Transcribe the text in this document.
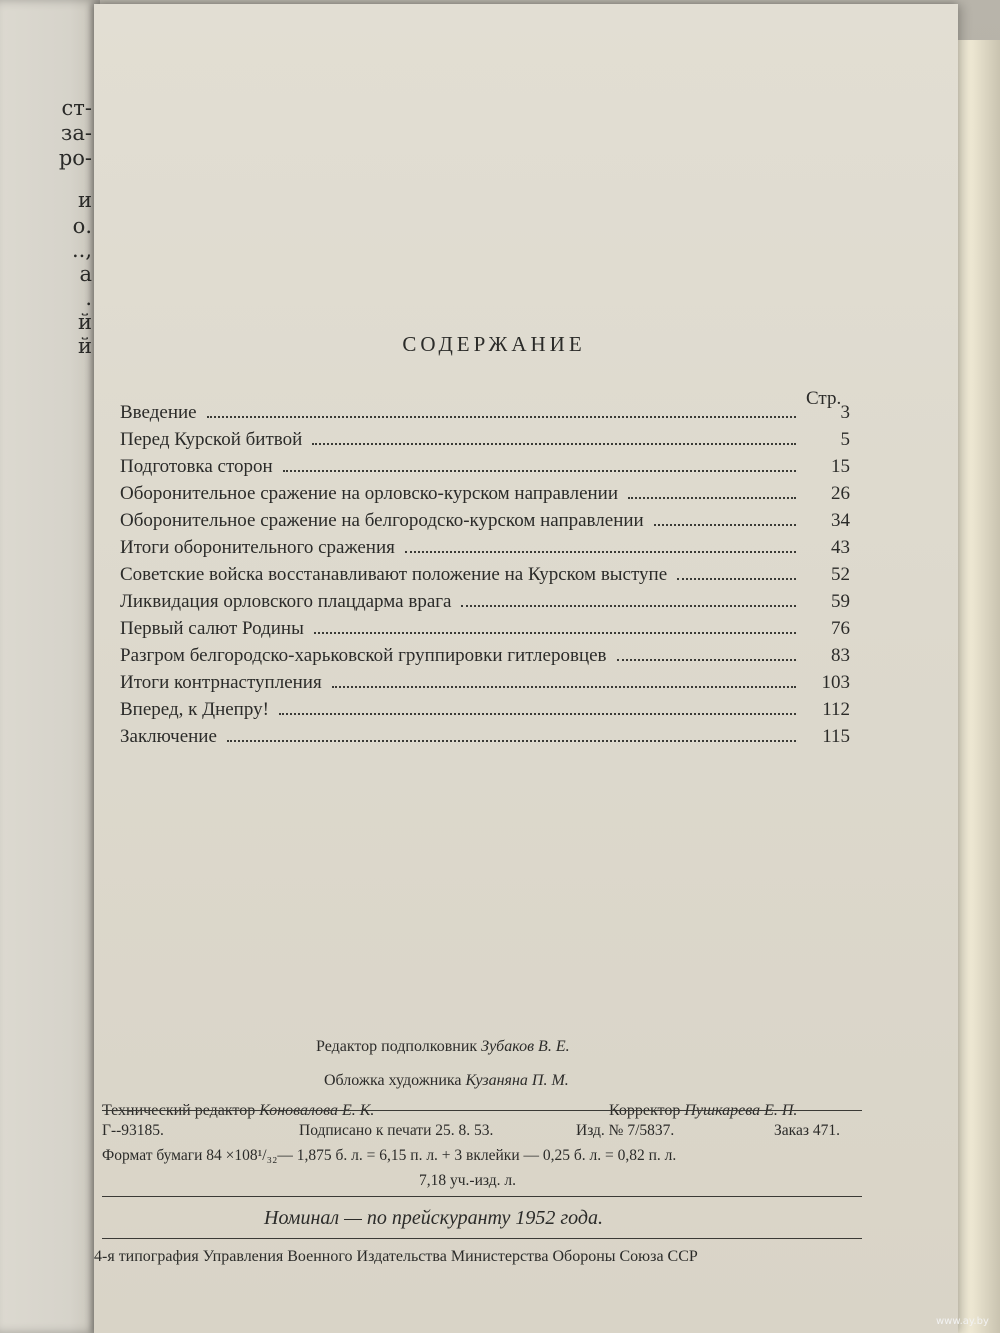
ст-
за-
ро-
и
о.
..,
а
.
й
й	СОДЕРЖАНИЕ
Стр.
Введение	3
Перед Курской битвой	5
Подготовка сторон	15
Оборонительное сражение на орловско-курском направлении	26
Оборонительное сражение на белгородско-курском направлении	34
Итоги оборонительного сражения	43
Советские войска восстанавливают положение на Курском выступе	52
Ликвидация орловского плацдарма врага	59
Первый салют Родины	76
Разгром белгородско-харьковской группировки гитлеровцев	83
Итоги контрнаступления	103
Вперед, к Днепру!	112
Заключение	115
Редактор подполковник Зубаков В. Е.
Обложка художника Кузаняна П. М.
Технический редактор Коновалова Е. К.	Корректор Пушкарева Е. П.
Г--93185.	Подписано к печати 25. 8. 53.	Изд. № 7/5837.	Заказ 471.
Формат бумаги 84 ×108¹/₃₂— 1,875 б. л. = 6,15 п. л. + 3 вклейки — 0,25 б. л. = 0,82 п. л.
7,18 уч.-изд. л.
Номинал — по прейскуранту 1952 года.
4-я типография Управления Военного Издательства Министерства Обороны Союза ССР
www.ay.by
